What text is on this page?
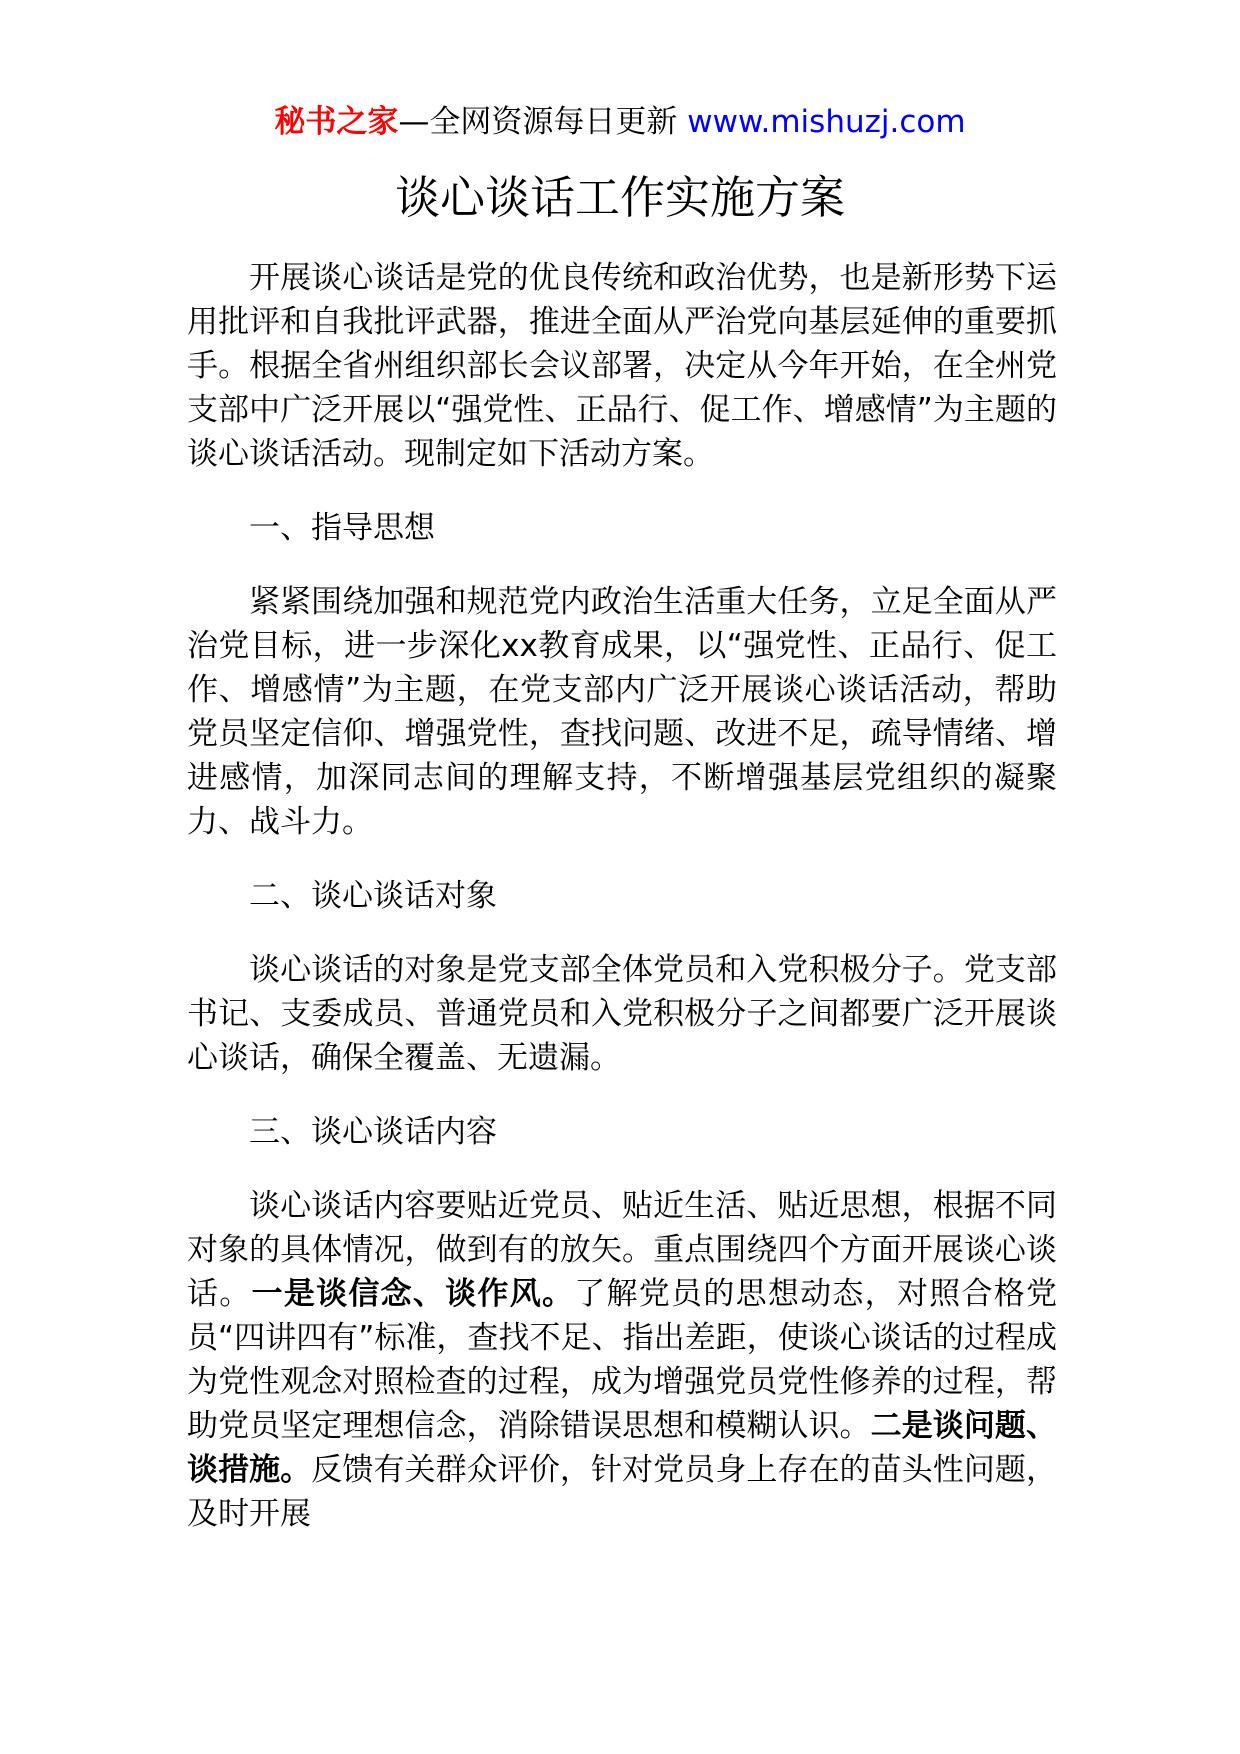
秘书之家—全网资源每日更新 www.mishuzj.com
谈心谈话工作实施方案

开展谈心谈话是党的优良传统和政治优势，也是新形势下运用批评和自我批评武器，推进全面从严治党向基层延伸的重要抓手。根据全省州组织部长会议部署，决定从今年开始，在全州党支部中广泛开展以“强党性、正品行、促工作、增感情”为主题的谈心谈话活动。现制定如下活动方案。

一、指导思想

紧紧围绕加强和规范党内政治生活重大任务，立足全面从严治党目标，进一步深化xx教育成果，以“强党性、正品行、促工作、增感情”为主题，在党支部内广泛开展谈心谈话活动，帮助党员坚定信仰、增强党性，查找问题、改进不足，疏导情绪、增进感情，加深同志间的理解支持，不断增强基层党组织的凝聚力、战斗力。

二、谈心谈话对象

谈心谈话的对象是党支部全体党员和入党积极分子。党支部书记、支委成员、普通党员和入党积极分子之间都要广泛开展谈心谈话，确保全覆盖、无遗漏。

三、谈心谈话内容

谈心谈话内容要贴近党员、贴近生活、贴近思想，根据不同对象的具体情况，做到有的放矢。重点围绕四个方面开展谈心谈话。一是谈信念、谈作风。了解党员的思想动态，对照合格党员“四讲四有”标准，查找不足、指出差距，使谈心谈话的过程成为党性观念对照检查的过程，成为增强党员党性修养的过程，帮助党员坚定理想信念，消除错误思想和模糊认识。二是谈问题、谈措施。反馈有关群众评价，针对党员身上存在的苗头性问题，及时开展
